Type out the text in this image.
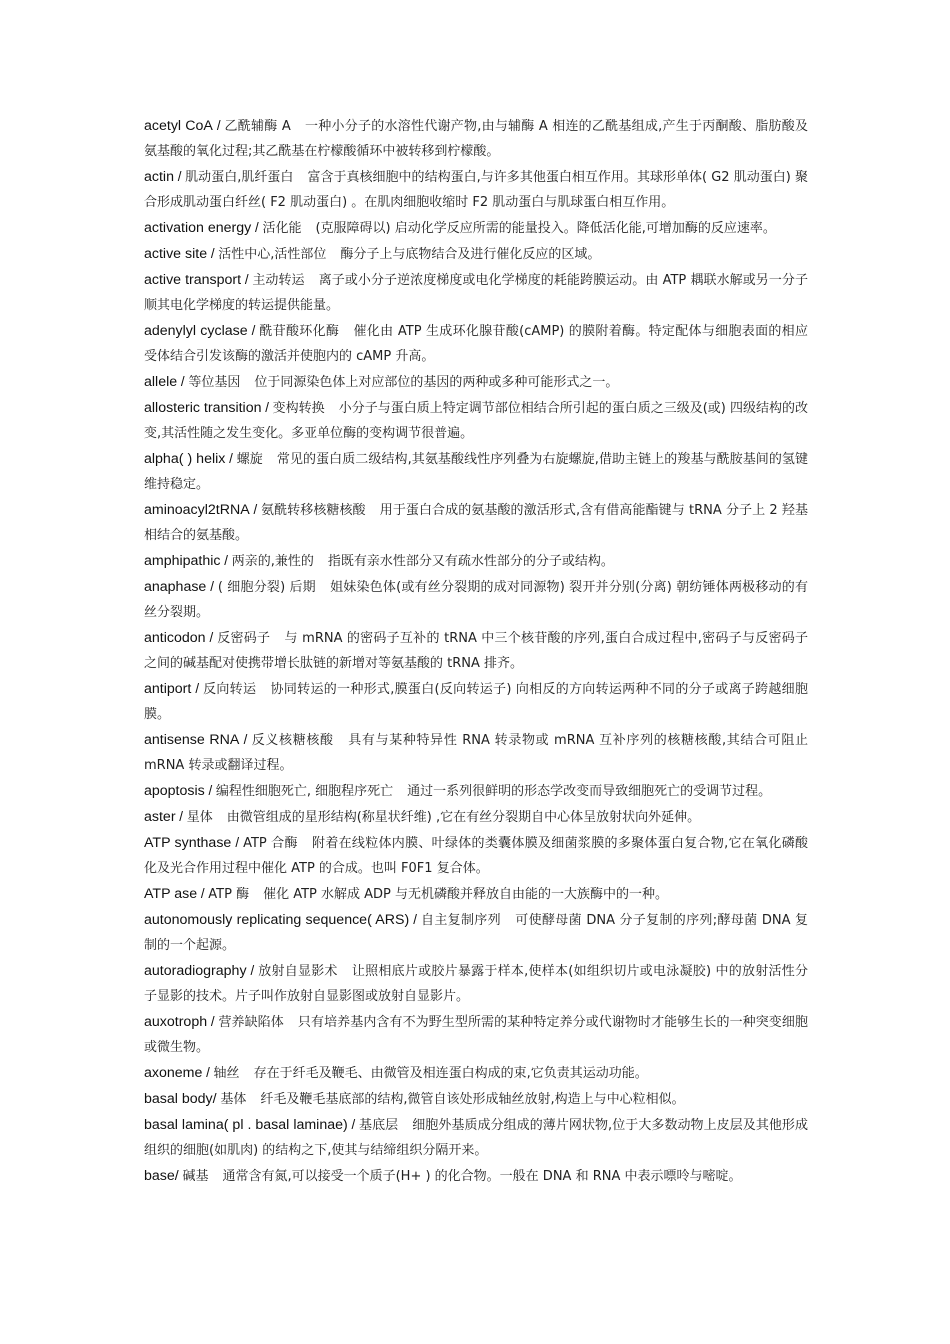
acetyl CoA / 乙酰辅酶 A 一种小分子的水溶性代谢产物,由与辅酶 A 相连的乙酰基组成,产生于丙酮酸、脂肪酸及氨基酸的氧化过程;其乙酰基在柠檬酸循环中被转移到柠檬酸。

actin / 肌动蛋白,肌纤蛋白 富含于真核细胞中的结构蛋白,与许多其他蛋白相互作用。其球形单体( G2 肌动蛋白) 聚合形成肌动蛋白纤丝( F2 肌动蛋白) 。在肌肉细胞收缩时 F2 肌动蛋白与肌球蛋白相互作用。

activation energy / 活化能 (克服障碍以) 启动化学反应所需的能量投入。降低活化能,可增加酶的反应速率。

active site / 活性中心,活性部位 酶分子上与底物结合及进行催化反应的区域。

active transport / 主动转运 离子或小分子逆浓度梯度或电化学梯度的耗能跨膜运动。由 ATP 耦联水解或另一分子顺其电化学梯度的转运提供能量。

adenylyl cyclase / 酰苷酸环化酶 催化由 ATP 生成环化腺苷酸(cAMP) 的膜附着酶。特定配体与细胞表面的相应受体结合引发该酶的激活并使胞内的 cAMP 升高。

allele / 等位基因 位于同源染色体上对应部位的基因的两种或多种可能形式之一。

allosteric transition / 变构转换 小分子与蛋白质上特定调节部位相结合所引起的蛋白质之三级及(或) 四级结构的改变,其活性随之发生变化。多亚单位酶的变构调节很普遍。

alpha( ) helix / 螺旋 常见的蛋白质二级结构,其氨基酸线性序列叠为右旋螺旋,借助主链上的羧基与酰胺基间的氢键维持稳定。

aminoacyl2tRNA / 氨酰转移核糖核酸 用于蛋白合成的氨基酸的激活形式,含有借高能酯键与 tRNA 分子上 2 羟基相结合的氨基酸。

amphipathic / 两亲的,兼性的 指既有亲水性部分又有疏水性部分的分子或结构。

anaphase / ( 细胞分裂) 后期 姐妹染色体(或有丝分裂期的成对同源物) 裂开并分别(分离) 朝纺锤体两极移动的有丝分裂期。

anticodon / 反密码子 与 mRNA 的密码子互补的 tRNA 中三个核苷酸的序列,蛋白合成过程中,密码子与反密码子之间的碱基配对使携带增长肽链的新增对等氨基酸的 tRNA 排齐。

antiport / 反向转运 协同转运的一种形式,膜蛋白(反向转运子) 向相反的方向转运两种不同的分子或离子跨越细胞膜。

antisense RNA / 反义核糖核酸 具有与某种特异性 RNA 转录物或 mRNA 互补序列的核糖核酸,其结合可阻止 mRNA 转录或翻译过程。

apoptosis / 编程性细胞死亡, 细胞程序死亡 通过一系列很鲜明的形态学改变而导致细胞死亡的受调节过程。

aster / 星体 由微管组成的星形结构(称星状纤维) ,它在有丝分裂期自中心体呈放射状向外延伸。

ATP synthase / ATP 合酶 附着在线粒体内膜、叶绿体的类囊体膜及细菌浆膜的多聚体蛋白复合物,它在氧化磷酸化及光合作用过程中催化 ATP 的合成。也叫 F0F1 复合体。

ATP ase / ATP 酶 催化 ATP 水解成 ADP 与无机磷酸并释放自由能的一大族酶中的一种。

autonomously replicating sequence( ARS) / 自主复制序列 可使酵母菌 DNA 分子复制的序列;酵母菌 DNA 复制的一个起源。

autoradiography / 放射自显影术 让照相底片或胶片暴露于样本,使样本(如组织切片或电泳凝胶) 中的放射活性分子显影的技术。片子叫作放射自显影图或放射自显影片。

auxotroph / 营养缺陷体 只有培养基内含有不为野生型所需的某种特定养分或代谢物时才能够生长的一种突变细胞或微生物。

axoneme / 轴丝 存在于纤毛及鞭毛、由微管及相连蛋白构成的束,它负责其运动功能。

basal body/ 基体 纤毛及鞭毛基底部的结构,微管自该处形成轴丝放射,构造上与中心粒相似。

basal lamina( pl . basal laminae) / 基底层 细胞外基质成分组成的薄片网状物,位于大多数动物上皮层及其他形成组织的细胞(如肌肉) 的结构之下,使其与结缔组织分隔开来。

base/ 碱基 通常含有氮,可以接受一个质子(H+ ) 的化合物。一般在 DNA 和 RNA 中表示嘌呤与嘧啶。
